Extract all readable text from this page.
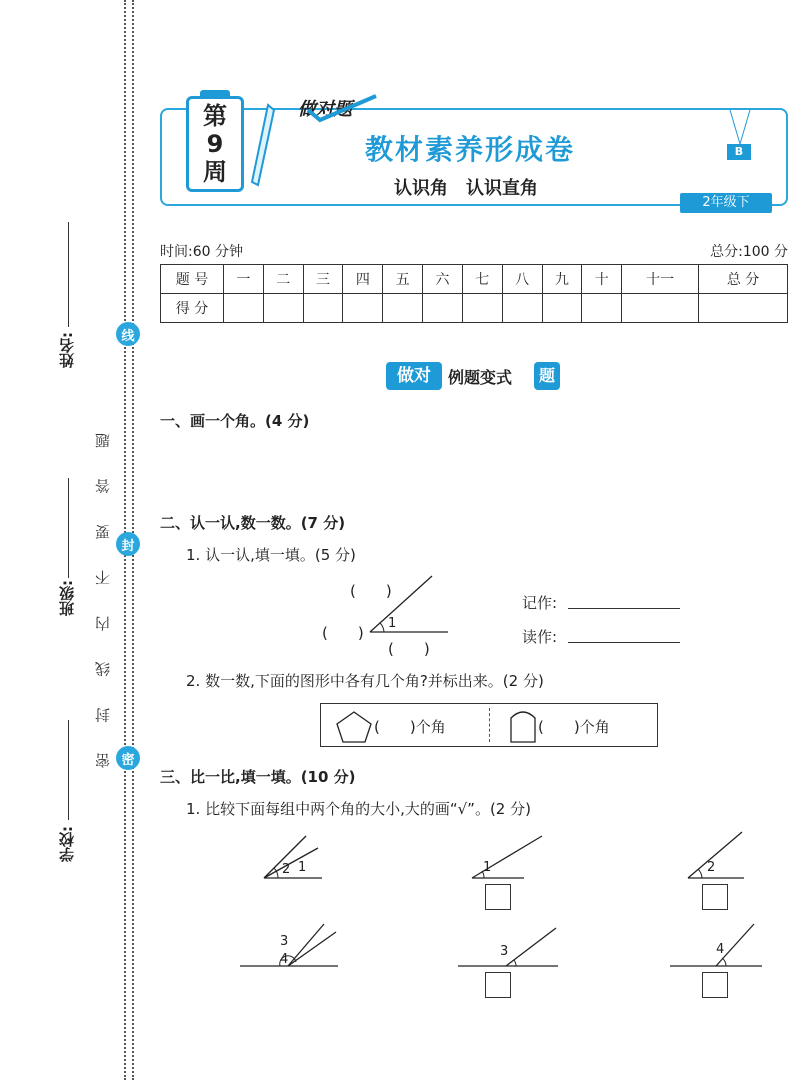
姓名:
班级:
学校:
密 封 线 内 不 要 答 题
线
封
密
第
9
周
做对题
教材素养形成卷
认识角　认识直角
B
2年级下
时间:60 分钟	总分:100 分
题 号	一	二	三	四	五	六	七	八	九	十	十一	总 分
得 分												
做对	例题变式	题
一、画一个角。(4 分)
二、认一认,数一数。(7 分)
1. 认一认,填一填。(5 分)
1
(　　)
(　　)
(　　)
记作:
读作:
2. 数一数,下面的图形中各有几个角?并标出来。(2 分)
(　　)个角	(　　)个角
三、比一比,填一填。(10 分)
1. 比较下面每组中两个角的大小,大的画“√”。(2 分)
2 1	1	2
3
4
3	4
